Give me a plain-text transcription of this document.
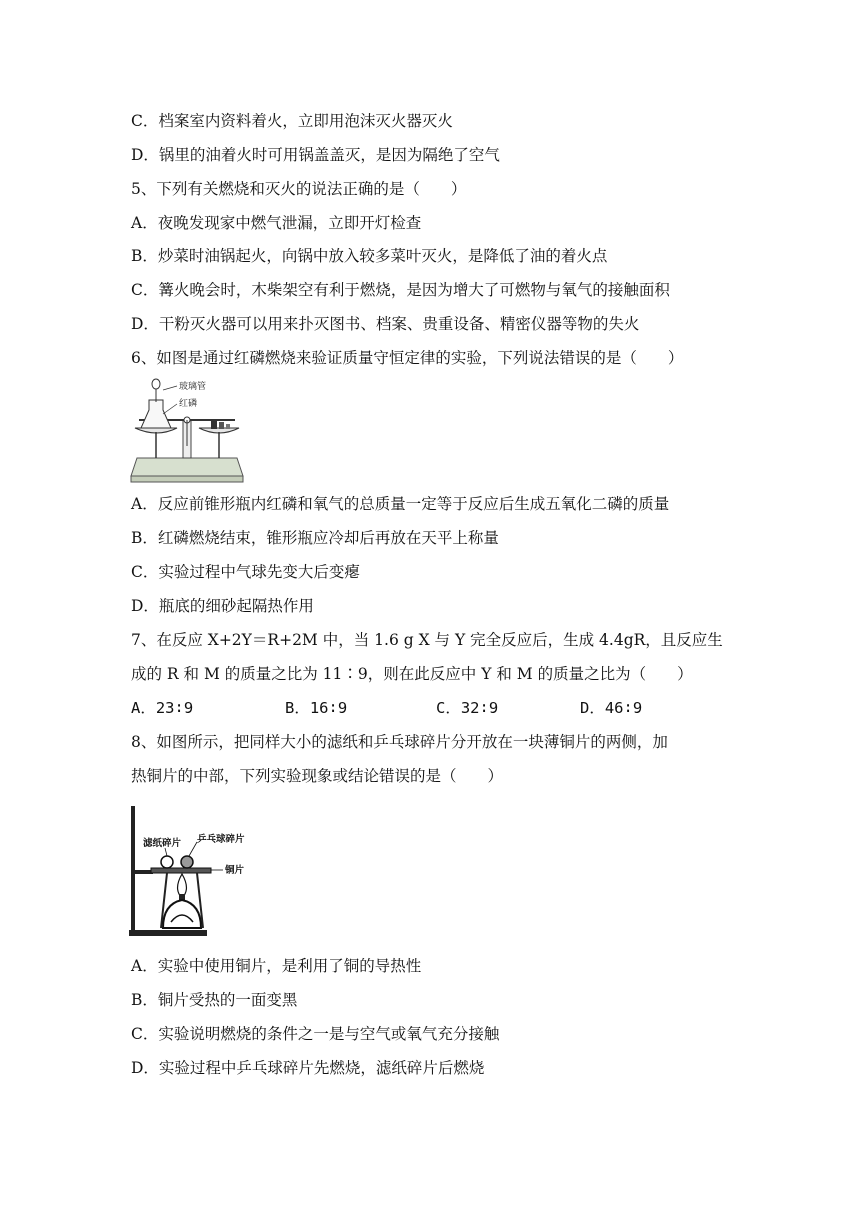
C．档案室内资料着火，立即用泡沫灭火器灭火
D．锅里的油着火时可用锅盖盖灭，是因为隔绝了空气
5、下列有关燃烧和灭火的说法正确的是（　　）
A．夜晚发现家中燃气泄漏，立即开灯检查
B．炒菜时油锅起火，向锅中放入较多菜叶灭火，是降低了油的着火点
C．篝火晚会时，木柴架空有利于燃烧，是因为增大了可燃物与氧气的接触面积
D．干粉灭火器可以用来扑灭图书、档案、贵重设备、精密仪器等物的失火
6、如图是通过红磷燃烧来验证质量守恒定律的实验，下列说法错误的是（　　）
玻璃管
红磷
A．反应前锥形瓶内红磷和氧气的总质量一定等于反应后生成五氧化二磷的质量
B．红磷燃烧结束，锥形瓶应冷却后再放在天平上称量
C．实验过程中气球先变大后变瘪
D．瓶底的细砂起隔热作用
7、在反应 X+2Y＝R+2M 中，当 1.6 g X 与 Y 完全反应后，生成 4.4gR，且反应生
成的 R 和 M 的质量之比为 11∶9，则在此反应中 Y 和 M 的质量之比为（　　）
A．23∶9	B．16∶9	C．32∶9	D．46∶9
8、如图所示，把同样大小的滤纸和乒乓球碎片分开放在一块薄铜片的两侧，加
热铜片的中部，下列实验现象或结论错误的是（　　）
滤纸碎片 乒乓球碎片
铜片
A．实验中使用铜片，是利用了铜的导热性
B．铜片受热的一面变黑
C．实验说明燃烧的条件之一是与空气或氧气充分接触
D．实验过程中乒乓球碎片先燃烧，滤纸碎片后燃烧
